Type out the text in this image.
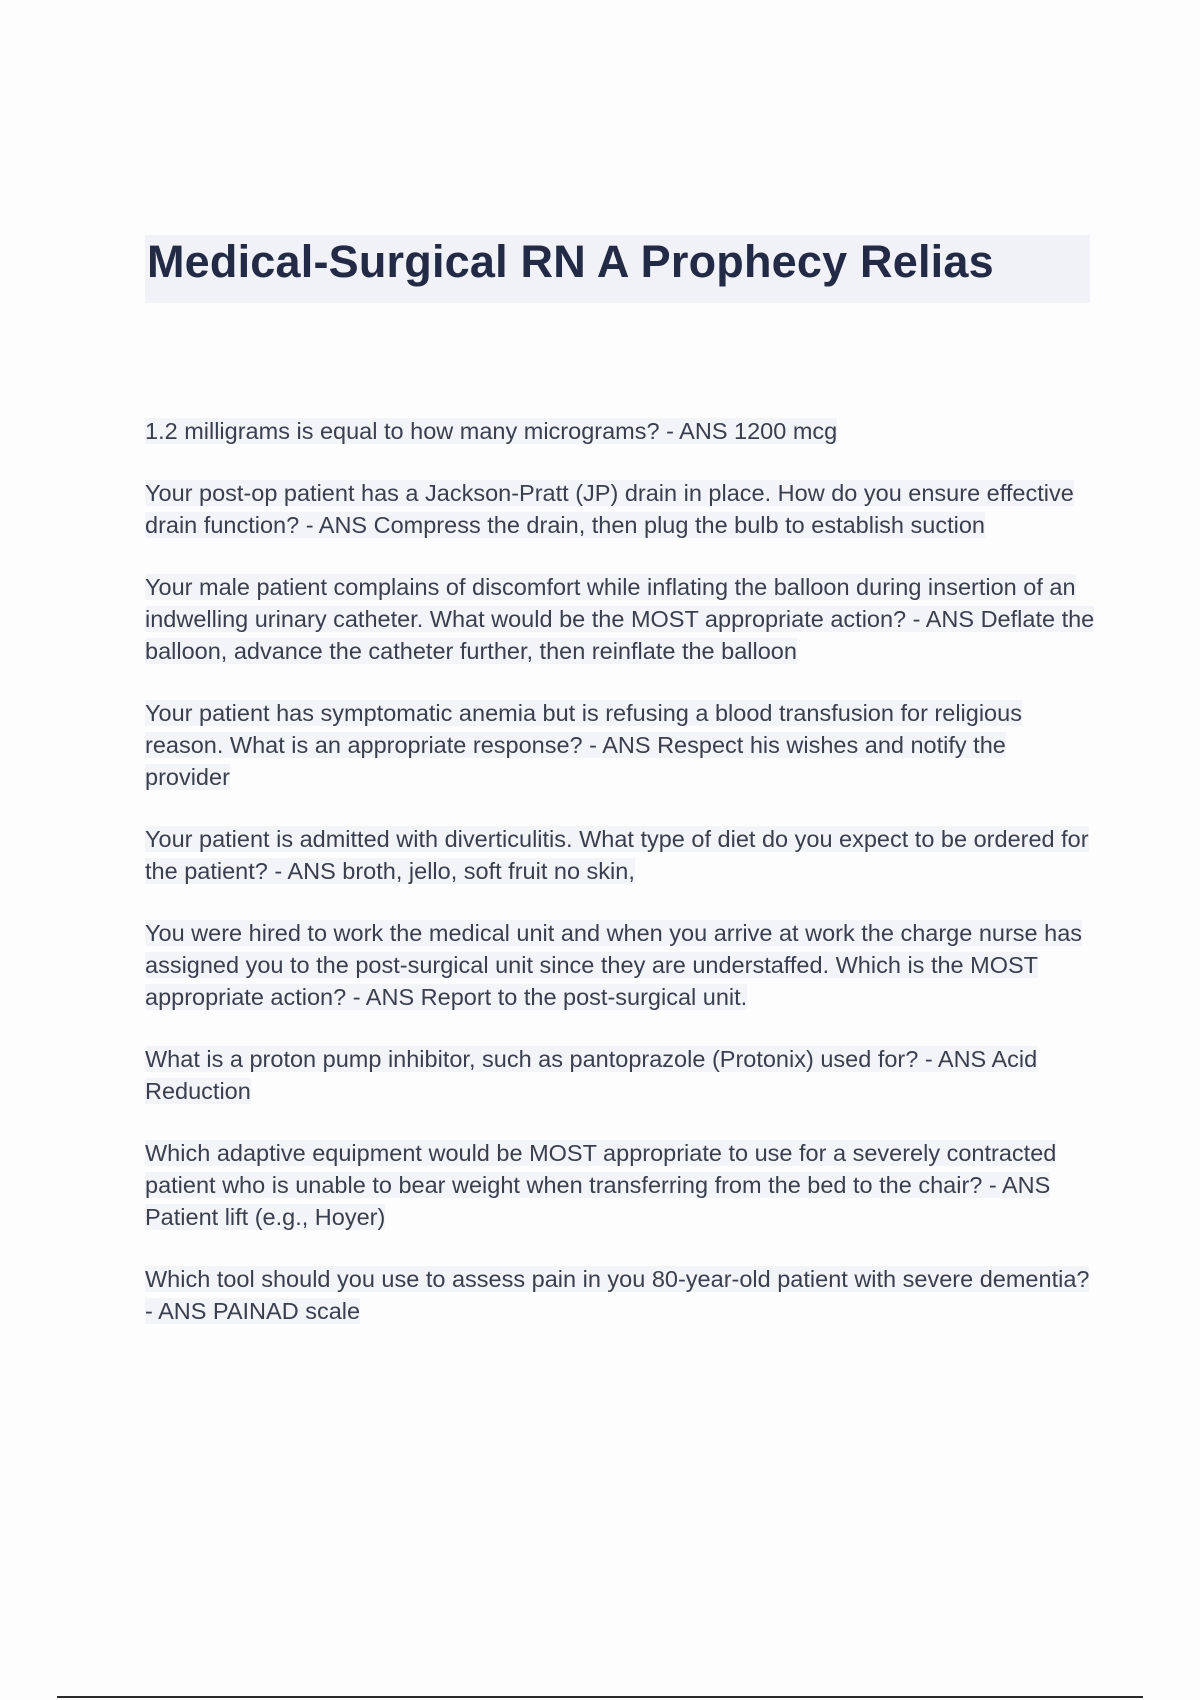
Medical-Surgical RN A Prophecy Relias

1.2 milligrams is equal to how many micrograms? - ANS 1200 mcg

Your post-op patient has a Jackson-Pratt (JP) drain in place. How do you ensure effective drain function? - ANS Compress the drain, then plug the bulb to establish suction

Your male patient complains of discomfort while inflating the balloon during insertion of an indwelling urinary catheter. What would be the MOST appropriate action? - ANS Deflate the balloon, advance the catheter further, then reinflate the balloon

Your patient has symptomatic anemia but is refusing a blood transfusion for religious reason. What is an appropriate response? - ANS Respect his wishes and notify the provider

Your patient is admitted with diverticulitis. What type of diet do you expect to be ordered for the patient? - ANS broth, jello, soft fruit no skin,

You were hired to work the medical unit and when you arrive at work the charge nurse has assigned you to the post-surgical unit since they are understaffed. Which is the MOST appropriate action? - ANS Report to the post-surgical unit.

What is a proton pump inhibitor, such as pantoprazole (Protonix) used for? - ANS Acid Reduction

Which adaptive equipment would be MOST appropriate to use for a severely contracted patient who is unable to bear weight when transferring from the bed to the chair? - ANS Patient lift (e.g., Hoyer)

Which tool should you use to assess pain in you 80-year-old patient with severe dementia? - ANS PAINAD scale
